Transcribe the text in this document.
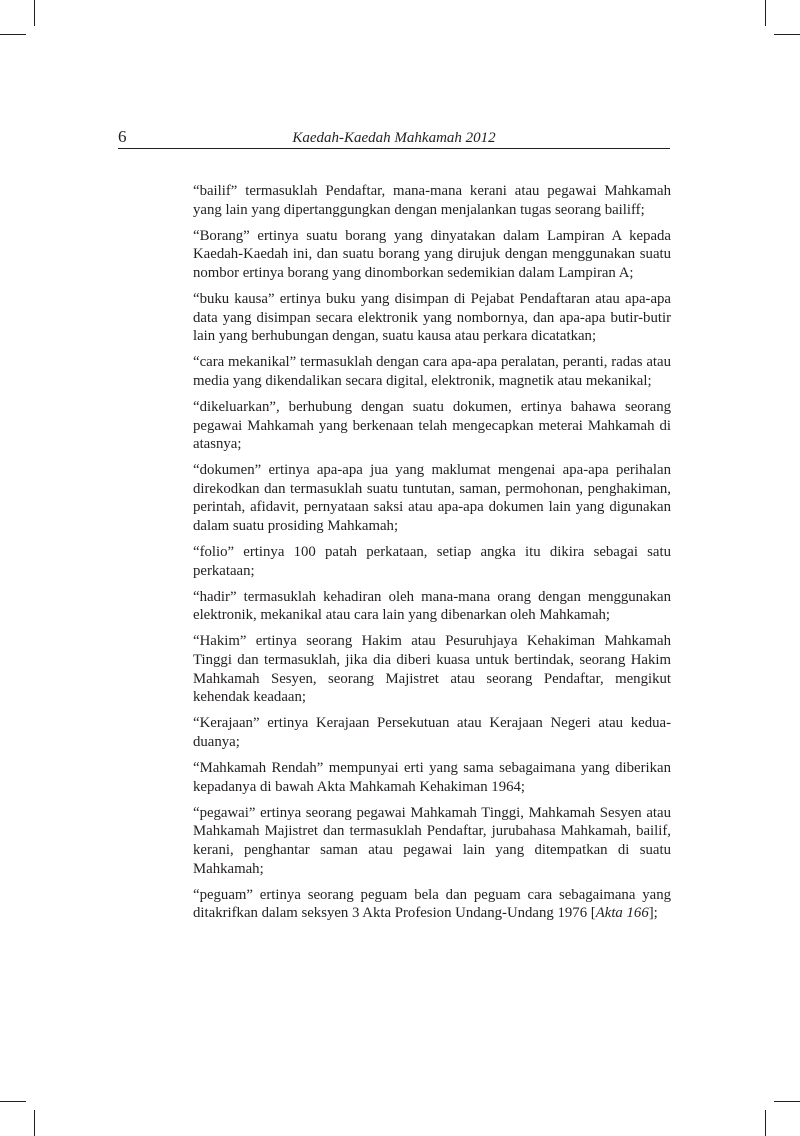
6	Kaedah-Kaedah Mahkamah 2012

“bailif” termasuklah Pendaftar, mana-mana kerani atau pegawai Mahkamah yang lain yang dipertanggungkan dengan menjalankan tugas seorang bailiff;

“Borang” ertinya suatu borang yang dinyatakan dalam Lampiran A kepada Kaedah-Kaedah ini, dan suatu borang yang dirujuk dengan menggunakan suatu nombor ertinya borang yang dinomborkan sedemikian dalam Lampiran A;

“buku kausa” ertinya buku yang disimpan di Pejabat Pendaftaran atau apa-apa data yang disimpan secara elektronik yang nombornya, dan apa-apa butir-butir lain yang berhubungan dengan, suatu kausa atau perkara dicatatkan;

“cara mekanikal” termasuklah dengan cara apa-apa peralatan, peranti, radas atau media yang dikendalikan secara digital, elektronik, magnetik atau mekanikal;

“dikeluarkan”, berhubung dengan suatu dokumen, ertinya bahawa seorang pegawai Mahkamah yang berkenaan telah mengecapkan meterai Mahkamah di atasnya;

“dokumen” ertinya apa-apa jua yang maklumat mengenai apa-apa perihalan direkodkan dan termasuklah suatu tuntutan, saman, permohonan, penghakiman, perintah, afidavit, pernyataan saksi atau apa-apa dokumen lain yang digunakan dalam suatu prosiding Mahkamah;

“folio” ertinya 100 patah perkataan, setiap angka itu dikira sebagai satu perkataan;

“hadir” termasuklah kehadiran oleh mana-mana orang dengan menggunakan elektronik, mekanikal atau cara lain yang dibenarkan oleh Mahkamah;

“Hakim” ertinya seorang Hakim atau Pesuruhjaya Kehakiman Mahkamah Tinggi dan termasuklah, jika dia diberi kuasa untuk bertindak, seorang Hakim Mahkamah Sesyen, seorang Majistret atau seorang Pendaftar, mengikut kehendak keadaan;

“Kerajaan” ertinya Kerajaan Persekutuan atau Kerajaan Negeri atau kedua-duanya;

“Mahkamah Rendah” mempunyai erti yang sama sebagaimana yang diberikan kepadanya di bawah Akta Mahkamah Kehakiman 1964;

“pegawai” ertinya seorang pegawai Mahkamah Tinggi, Mahkamah Sesyen atau Mahkamah Majistret dan termasuklah Pendaftar, jurubahasa Mahkamah, bailif, kerani, penghantar saman atau pegawai lain yang ditempatkan di suatu Mahkamah;

“peguam” ertinya seorang peguam bela dan peguam cara sebagaimana yang ditakrifkan dalam seksyen 3 Akta Profesion Undang-Undang 1976 [Akta 166];
